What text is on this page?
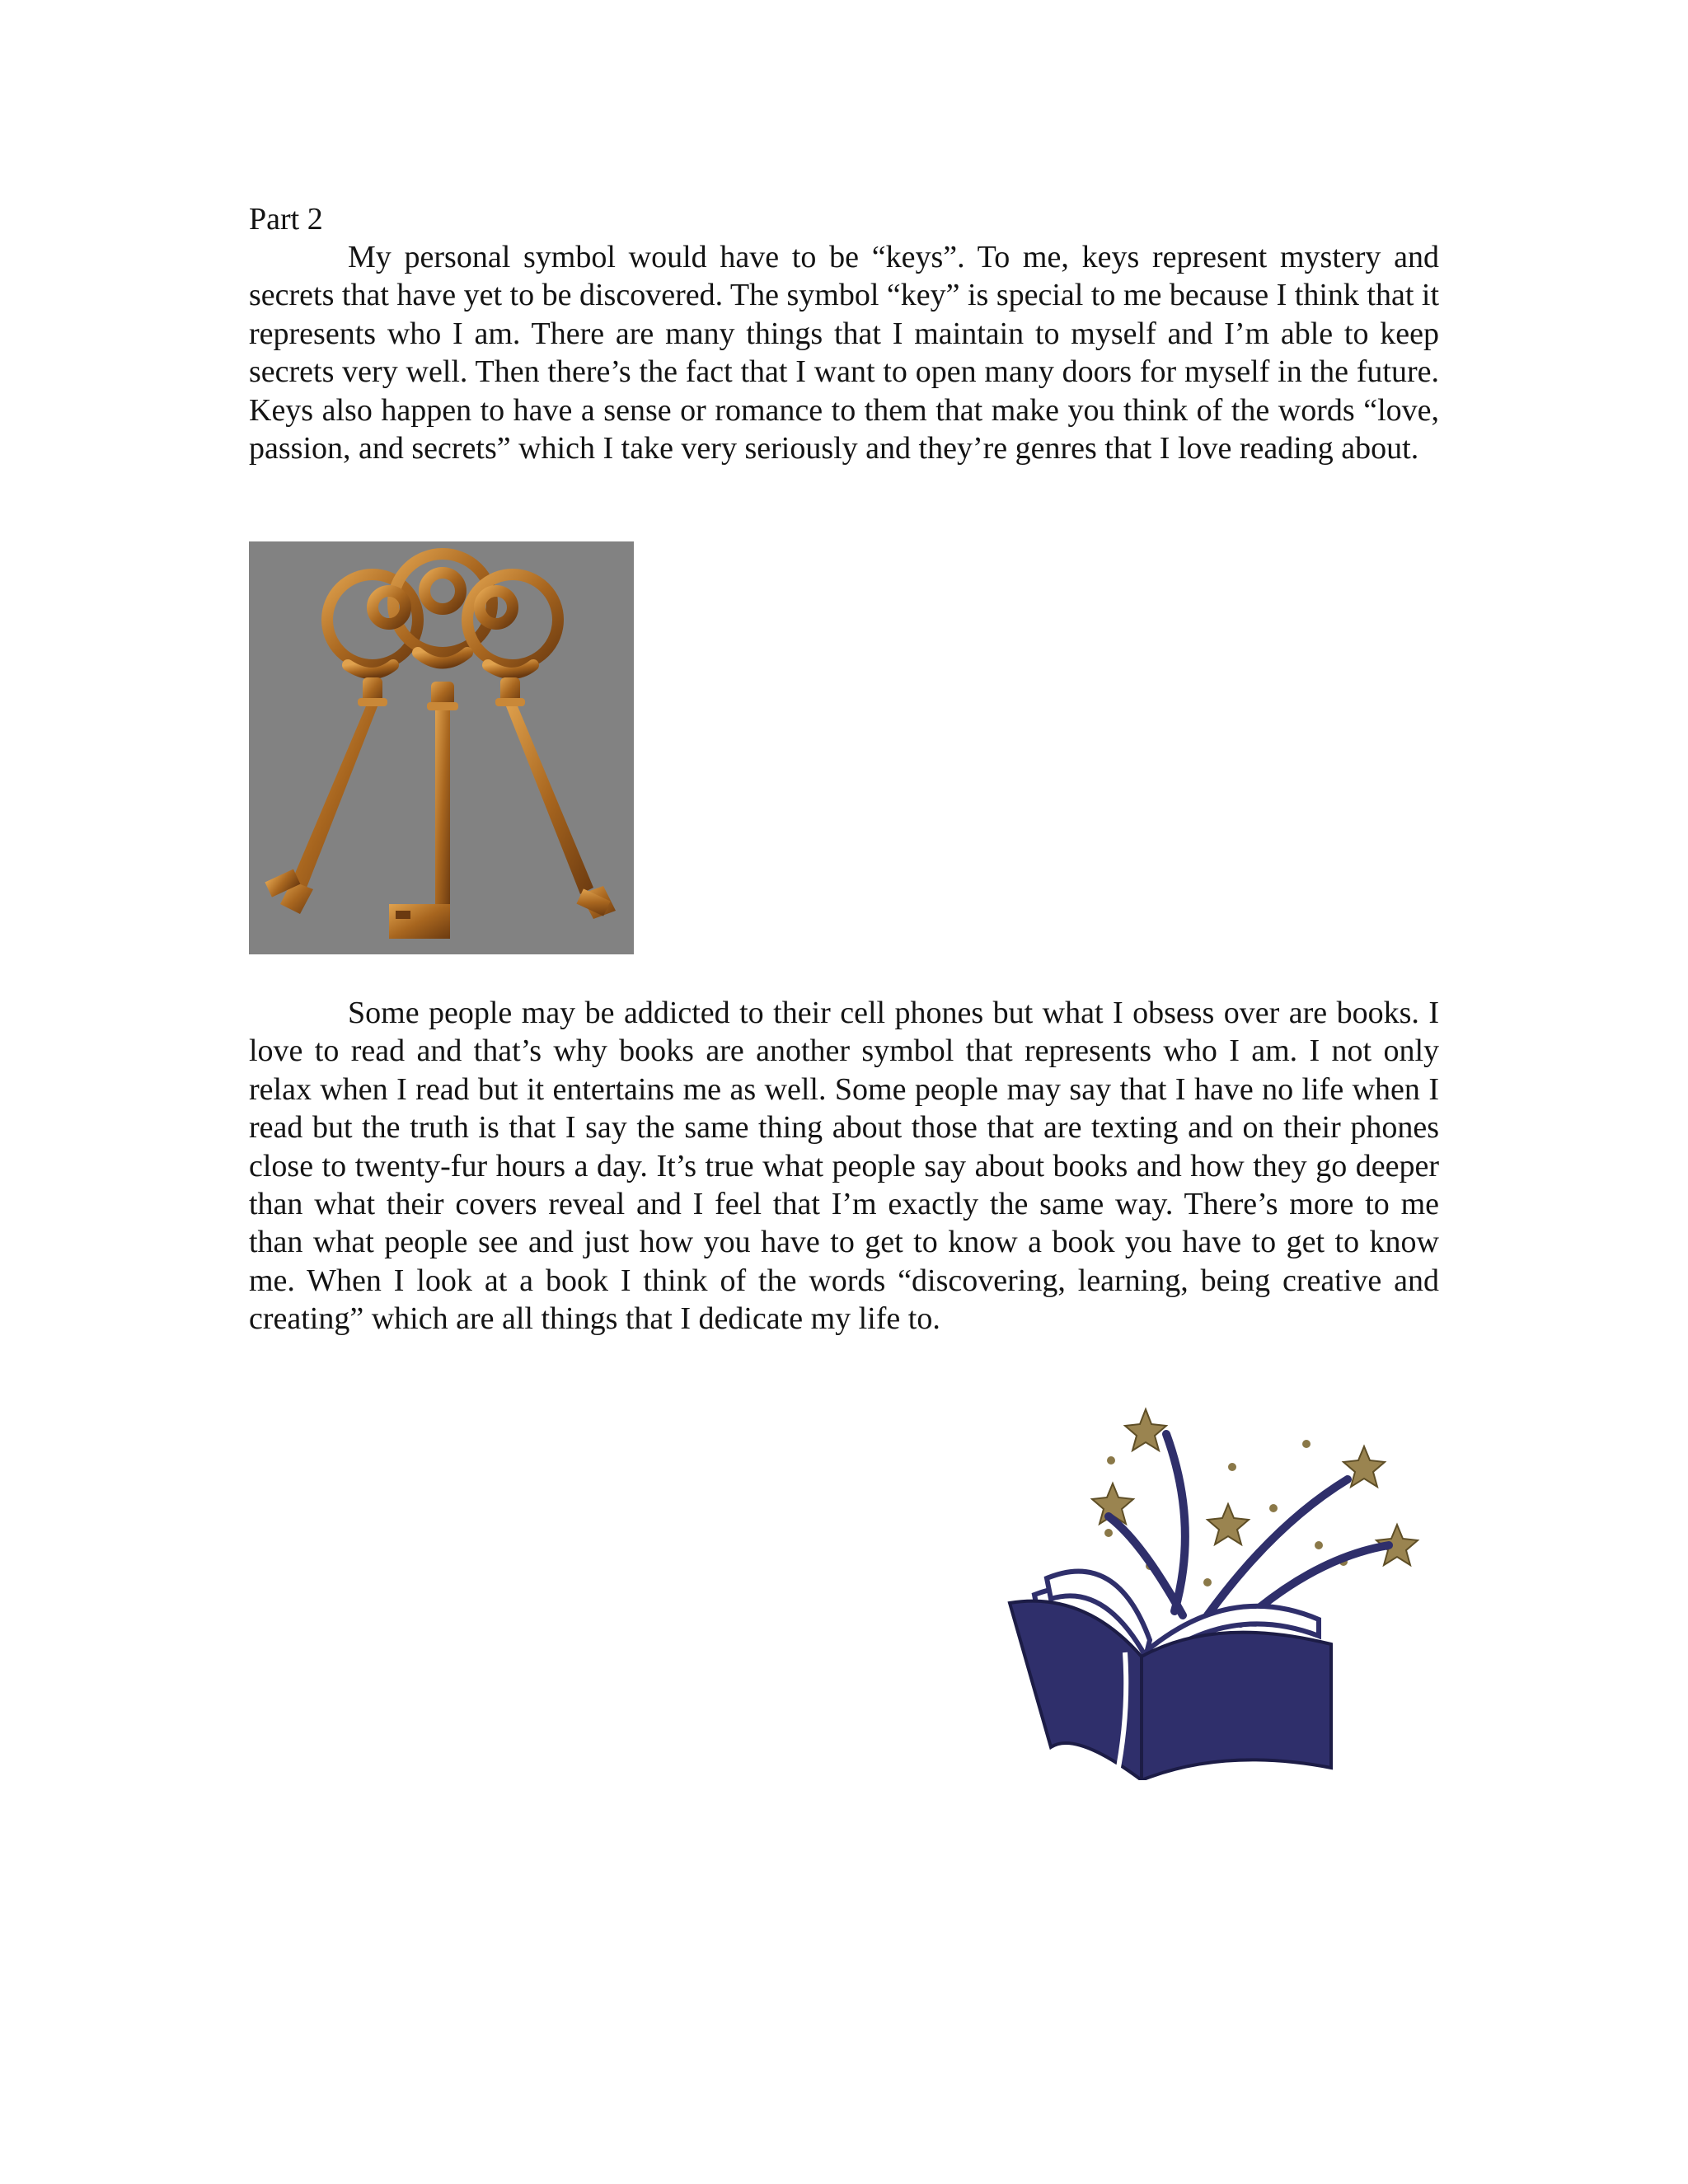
Part 2

My personal symbol would have to be “keys”. To me, keys represent mystery and secrets that have yet to be discovered. The symbol “key” is special to me because I think that it represents who I am. There are many things that I maintain to myself and I’m able to keep secrets very well. Then there’s the fact that I want to open many doors for myself in the future. Keys also happen to have a sense or romance to them that make you think of the words “love, passion, and secrets” which I take very seriously and they’re genres that I love reading about.

Some people may be addicted to their cell phones but what I obsess over are books. I love to read and that’s why books are another symbol that represents who I am. I not only relax when I read but it entertains me as well. Some people may say that I have no life when I read but the truth is that I say the same thing about those that are texting and on their phones close to twenty-fur hours a day. It’s true what people say about books and how they go deeper than what their covers reveal and I feel that I’m exactly the same way. There’s more to me than what people see and just how you have to get to know a book you have to get to know me. When I look at a book I think of the words “discovering, learning, being creative and creating” which are all things that I dedicate my life to.
